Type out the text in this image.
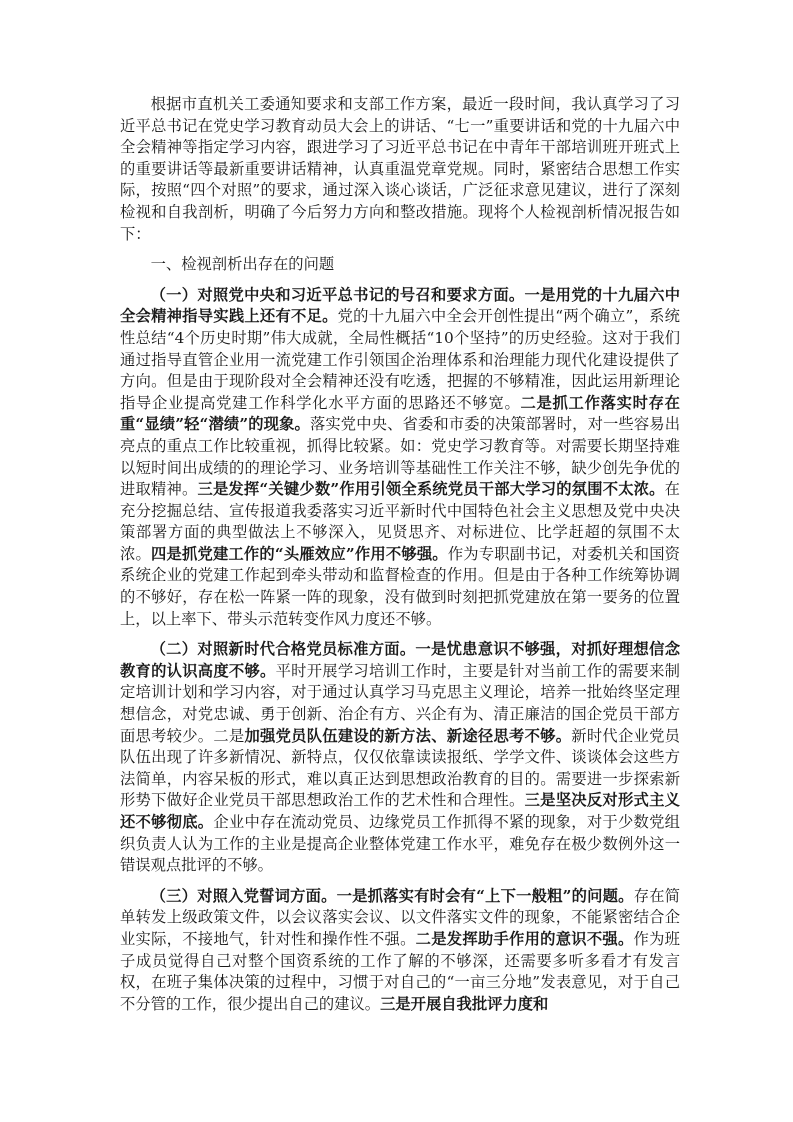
根据市直机关工委通知要求和支部工作方案，最近一段时间，我认真学习了习近平总书记在党史学习教育动员大会上的讲话、“七一”重要讲话和党的十九届六中全会精神等指定学习内容，跟进学习了习近平总书记在中青年干部培训班开班式上的重要讲话等最新重要讲话精神，认真重温党章党规。同时，紧密结合思想工作实际，按照“四个对照”的要求，通过深入谈心谈话，广泛征求意见建议，进行了深刻检视和自我剖析，明确了今后努力方向和整改措施。现将个人检视剖析情况报告如下：

一、检视剖析出存在的问题

（一）对照党中央和习近平总书记的号召和要求方面。一是用党的十九届六中全会精神指导实践上还有不足。党的十九届六中全会开创性提出“两个确立”，系统性总结“4个历史时期”伟大成就，全局性概括“10个坚持”的历史经验。这对于我们通过指导直管企业用一流党建工作引领国企治理体系和治理能力现代化建设提供了方向。但是由于现阶段对全会精神还没有吃透，把握的不够精准，因此运用新理论指导企业提高党建工作科学化水平方面的思路还不够宽。二是抓工作落实时存在重“显绩”轻“潜绩”的现象。落实党中央、省委和市委的决策部署时，对一些容易出亮点的重点工作比较重视，抓得比较紧。如：党史学习教育等。对需要长期坚持难以短时间出成绩的的理论学习、业务培训等基础性工作关注不够，缺少创先争优的进取精神。三是发挥“关键少数”作用引领全系统党员干部大学习的氛围不太浓。在充分挖掘总结、宣传报道我委落实习近平新时代中国特色社会主义思想及党中央决策部署方面的典型做法上不够深入，见贤思齐、对标进位、比学赶超的氛围不太浓。四是抓党建工作的“头雁效应”作用不够强。作为专职副书记，对委机关和国资系统企业的党建工作起到牵头带动和监督检查的作用。但是由于各种工作统筹协调的不够好，存在松一阵紧一阵的现象，没有做到时刻把抓党建放在第一要务的位置上，以上率下、带头示范转变作风力度还不够。

（二）对照新时代合格党员标准方面。一是忧患意识不够强，对抓好理想信念教育的认识高度不够。平时开展学习培训工作时，主要是针对当前工作的需要来制定培训计划和学习内容，对于通过认真学习马克思主义理论，培养一批始终坚定理想信念，对党忠诚、勇于创新、治企有方、兴企有为、清正廉洁的国企党员干部方面思考较少。二是加强党员队伍建设的新方法、新途径思考不够。新时代企业党员队伍出现了许多新情况、新特点，仅仅依靠读读报纸、学学文件、谈谈体会这些方法简单，内容呆板的形式，难以真正达到思想政治教育的目的。需要进一步探索新形势下做好企业党员干部思想政治工作的艺术性和合理性。三是坚决反对形式主义还不够彻底。企业中存在流动党员、边缘党员工作抓得不紧的现象，对于少数党组织负责人认为工作的主业是提高企业整体党建工作水平，难免存在极少数例外这一错误观点批评的不够。

（三）对照入党誓词方面。一是抓落实有时会有“上下一般粗”的问题。存在简单转发上级政策文件，以会议落实会议、以文件落实文件的现象，不能紧密结合企业实际，不接地气，针对性和操作性不强。二是发挥助手作用的意识不强。作为班子成员觉得自己对整个国资系统的工作了解的不够深，还需要多听多看才有发言权，在班子集体决策的过程中，习惯于对自己的“一亩三分地”发表意见，对于自己不分管的工作，很少提出自己的建议。三是开展自我批评力度和
